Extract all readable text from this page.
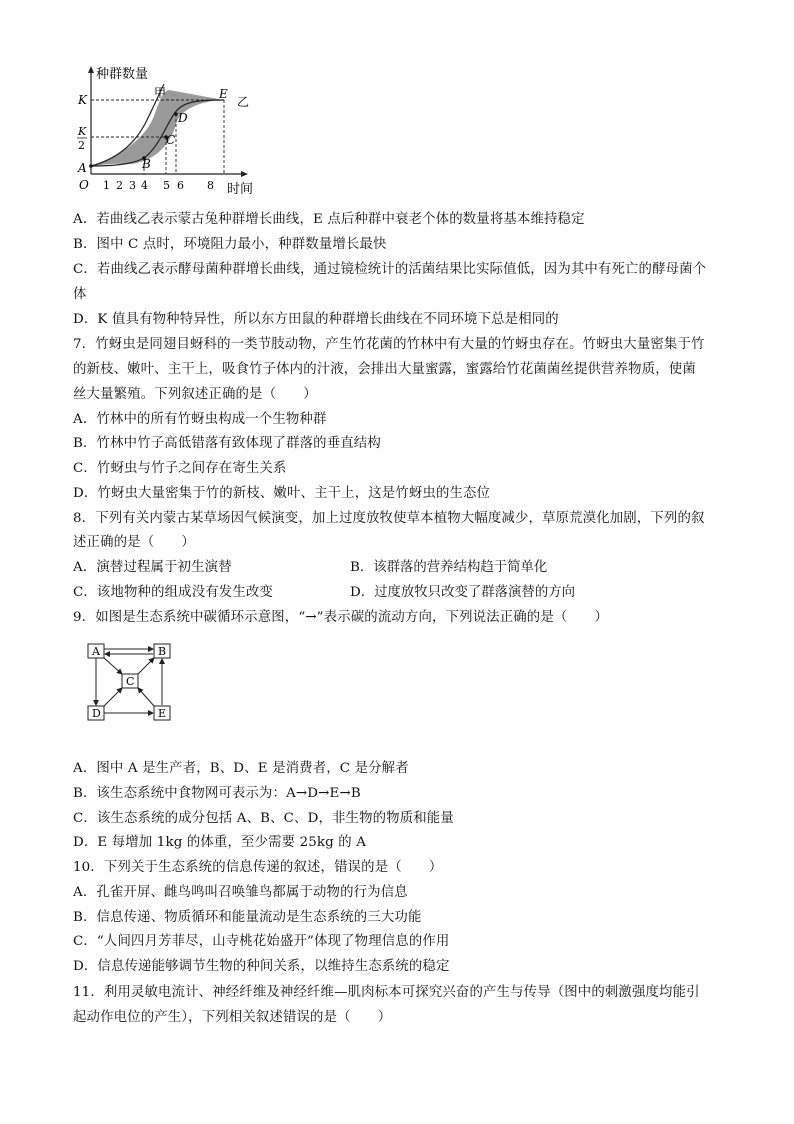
种群数量
甲
乙
K
K
2
A
O
E
D
C
B
1 2 3 4 5 6 8 时间
A．若曲线乙表示蒙古兔种群增长曲线，E 点后种群中衰老个体的数量将基本维持稳定
B．图中 C 点时，环境阻力最小，种群数量增长最快
C．若曲线乙表示酵母菌种群增长曲线，通过镜检统计的活菌结果比实际值低，因为其中有死亡的酵母菌个
体
D．K 值具有物种特异性，所以东方田鼠的种群增长曲线在不同环境下总是相同的
7．竹蚜虫是同翅目蚜科的一类节肢动物，产生竹花菌的竹林中有大量的竹蚜虫存在。竹蚜虫大量密集于竹
的新枝、嫩叶、主干上，吸食竹子体内的汁液，会排出大量蜜露，蜜露给竹花菌菌丝提供营养物质，使菌
丝大量繁殖。下列叙述正确的是（　　）
A．竹林中的所有竹蚜虫构成一个生物种群
B．竹林中竹子高低错落有致体现了群落的垂直结构
C．竹蚜虫与竹子之间存在寄生关系
D．竹蚜虫大量密集于竹的新枝、嫩叶、主干上，这是竹蚜虫的生态位
8．下列有关内蒙古某草场因气候演变，加上过度放牧使草本植物大幅度减少，草原荒漠化加剧，下列的叙
述正确的是（　　）
A．演替过程属于初生演替	B．该群落的营养结构趋于简单化
C．该地物种的组成没有发生改变	D．过度放牧只改变了群落演替的方向
9．如图是生态系统中碳循环示意图，“→”表示碳的流动方向，下列说法正确的是（　　）
A	B
C
D	E
A．图中 A 是生产者，B、D、E 是消费者，C 是分解者
B．该生态系统中食物网可表示为：A→D→E→B
C．该生态系统的成分包括 A、B、C、D，非生物的物质和能量
D．E 每增加 1kg 的体重，至少需要 25kg 的 A
10．下列关于生态系统的信息传递的叙述，错误的是（　　）
A．孔雀开屏、雌鸟鸣叫召唤雏鸟都属于动物的行为信息
B．信息传递、物质循环和能量流动是生态系统的三大功能
C．“人间四月芳菲尽，山寺桃花始盛开”体现了物理信息的作用
D．信息传递能够调节生物的种间关系，以维持生态系统的稳定
11．利用灵敏电流计、神经纤维及神经纤维—肌肉标本可探究兴奋的产生与传导（图中的刺激强度均能引
起动作电位的产生），下列相关叙述错误的是（　　）
